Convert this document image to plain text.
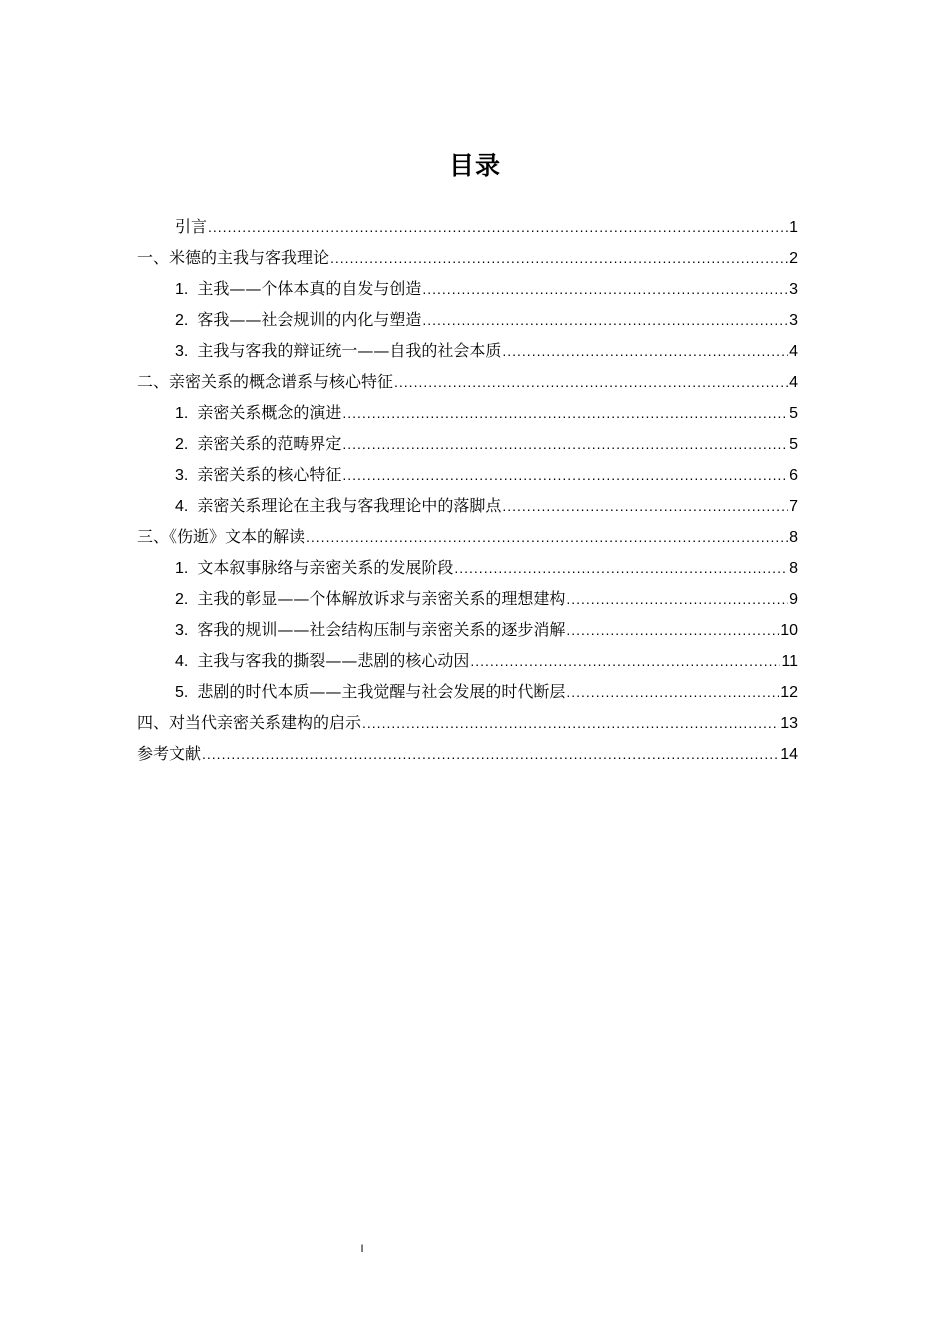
目录
引言 .....	1
一、米德的主我与客我理论 .....	2
1. 主我——个体本真的自发与创造 .....	3
2. 客我——社会规训的内化与塑造 .....	3
3. 主我与客我的辩证统一——自我的社会本质 .....	4
二、亲密关系的概念谱系与核心特征 .....	4
1. 亲密关系概念的演进 .....	5
2. 亲密关系的范畴界定 .....	5
3. 亲密关系的核心特征 .....	6
4. 亲密关系理论在主我与客我理论中的落脚点 .....	7
三、《伤逝》文本的解读 .....	8
1. 文本叙事脉络与亲密关系的发展阶段 .....	8
2. 主我的彰显——个体解放诉求与亲密关系的理想建构 .....	9
3. 客我的规训——社会结构压制与亲密关系的逐步消解 .....	10
4. 主我与客我的撕裂——悲剧的核心动因 .....	11
5. 悲剧的时代本质——主我觉醒与社会发展的时代断层 .....	12
四、对当代亲密关系建构的启示 .....	13
参考文献 .....	14
I
